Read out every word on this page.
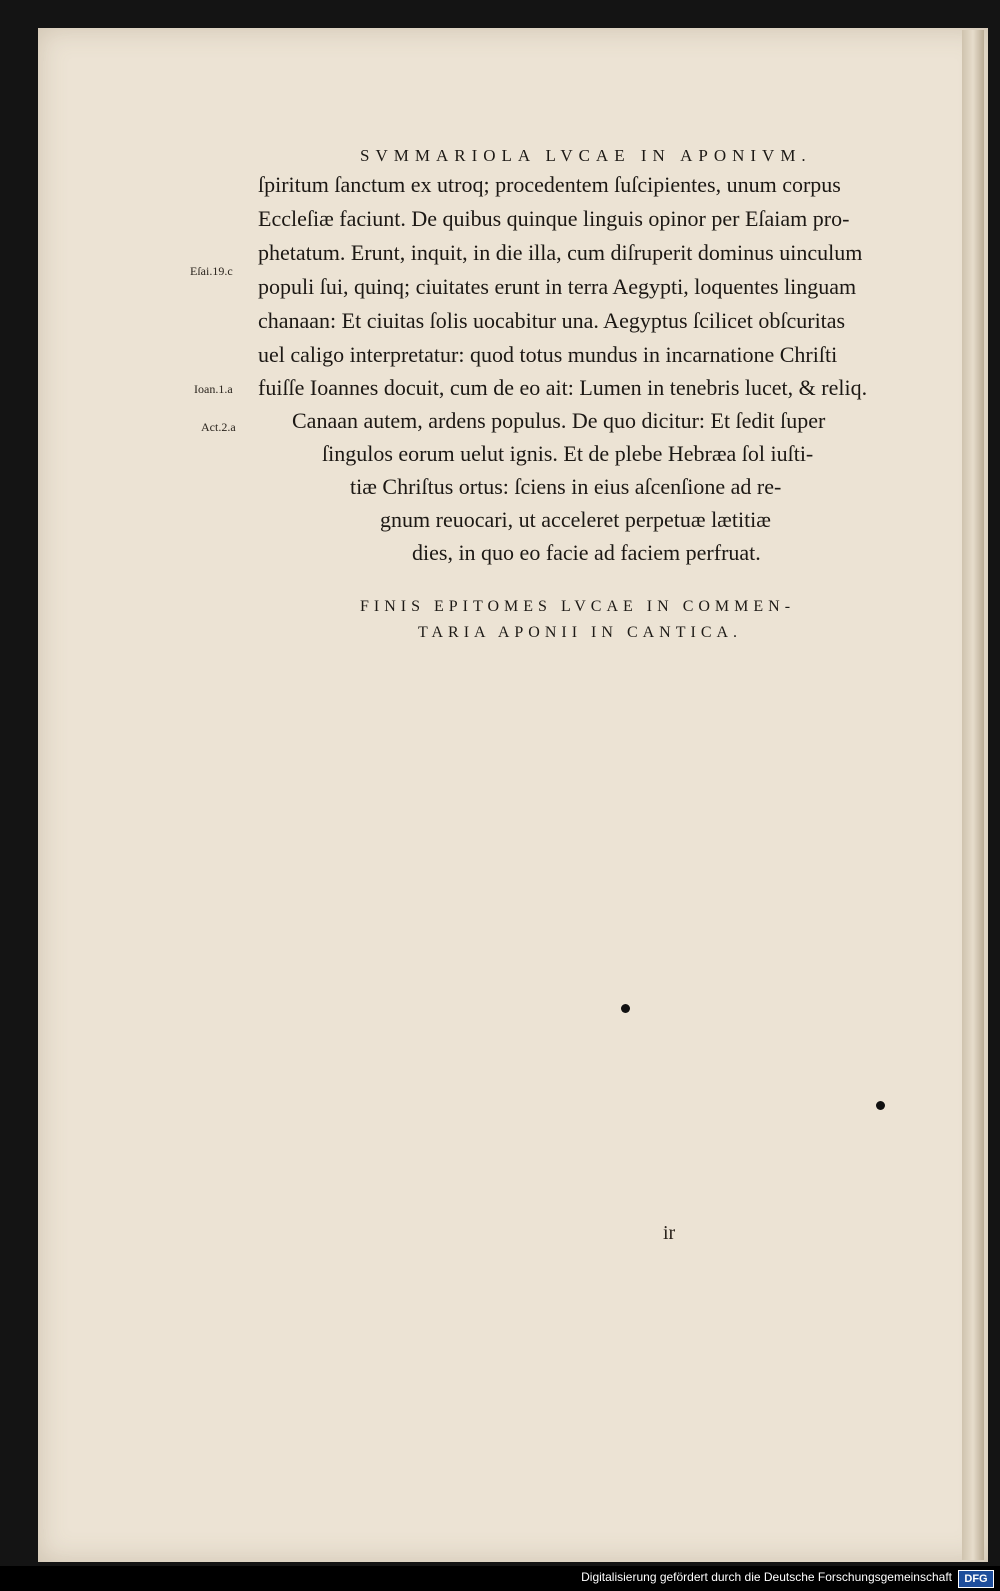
SVMMARIOLA LVCAE IN APONIVM.
ſpiritum ſanctum ex utroq; procedentem ſuſcipientes, unum corpus
Eccleſiæ faciunt. De quibus quinque linguis opinor per Eſaiam pro-
phetatum. Erunt, inquit, in die illa, cum diſruperit dominus uinculum
populi ſui, quinq; ciuitates erunt in terra Aegypti, loquentes linguam
chanaan: Et ciuitas ſolis uocabitur una. Aegyptus ſcilicet obſcuritas
uel caligo interpretatur: quod totus mundus in incarnatione Chriſti
fuiſſe Ioannes docuit, cum de eo ait: Lumen in tenebris lucet, & reliq.
Canaan autem, ardens populus. De quo dicitur: Et ſedit ſuper
ſingulos eorum uelut ignis. Et de plebe Hebræa ſol iuſti-
tiæ Chriſtus ortus: ſciens in eius aſcenſione ad re-
gnum reuocari, ut acceleret perpetuæ lætitiæ
dies, in quo eo facie ad faciem perfruat.
Eſai.19.c
Ioan.1.a
Act.2.a
FINIS EPITOMES LVCAE IN COMMEN-
TARIA APONII IN CANTICA.
ir
Digitalisierung gefördert durch die Deutsche Forschungsgemeinschaft	DFG
